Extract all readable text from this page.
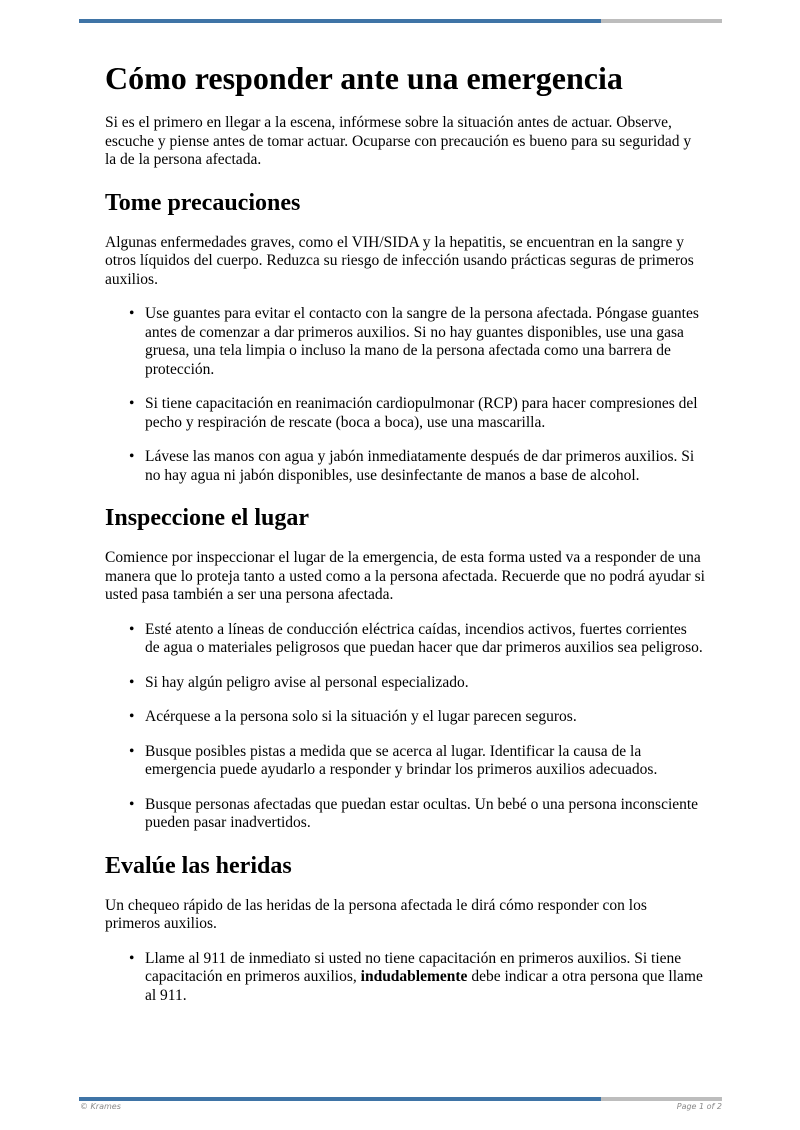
Cómo responder ante una emergencia

Si es el primero en llegar a la escena, infórmese sobre la situación antes de actuar. Observe, escuche y piense antes de tomar actuar. Ocuparse con precaución es bueno para su seguridad y la de la persona afectada.

Tome precauciones

Algunas enfermedades graves, como el VIH/SIDA y la hepatitis, se encuentran en la sangre y otros líquidos del cuerpo. Reduzca su riesgo de infección usando prácticas seguras de primeros auxilios.

• Use guantes para evitar el contacto con la sangre de la persona afectada. Póngase guantes antes de comenzar a dar primeros auxilios. Si no hay guantes disponibles, use una gasa gruesa, una tela limpia o incluso la mano de la persona afectada como una barrera de protección.
• Si tiene capacitación en reanimación cardiopulmonar (RCP) para hacer compresiones del pecho y respiración de rescate (boca a boca), use una mascarilla.
• Lávese las manos con agua y jabón inmediatamente después de dar primeros auxilios. Si no hay agua ni jabón disponibles, use desinfectante de manos a base de alcohol.
Inspeccione el lugar

Comience por inspeccionar el lugar de la emergencia, de esta forma usted va a responder de una manera que lo proteja tanto a usted como a la persona afectada. Recuerde que no podrá ayudar si usted pasa también a ser una persona afectada.

• Esté atento a líneas de conducción eléctrica caídas, incendios activos, fuertes corrientes de agua o materiales peligrosos que puedan hacer que dar primeros auxilios sea peligroso.
• Si hay algún peligro avise al personal especializado.
• Acérquese a la persona solo si la situación y el lugar parecen seguros.
• Busque posibles pistas a medida que se acerca al lugar. Identificar la causa de la emergencia puede ayudarlo a responder y brindar los primeros auxilios adecuados.
• Busque personas afectadas que puedan estar ocultas. Un bebé o una persona inconsciente pueden pasar inadvertidos.
Evalúe las heridas

Un chequeo rápido de las heridas de la persona afectada le dirá cómo responder con los primeros auxilios.

• Llame al 911 de inmediato si usted no tiene capacitación en primeros auxilios. Si tiene capacitación en primeros auxilios, indudablemente debe indicar a otra persona que llame al 911.
© Krames	Page 1 of 2
